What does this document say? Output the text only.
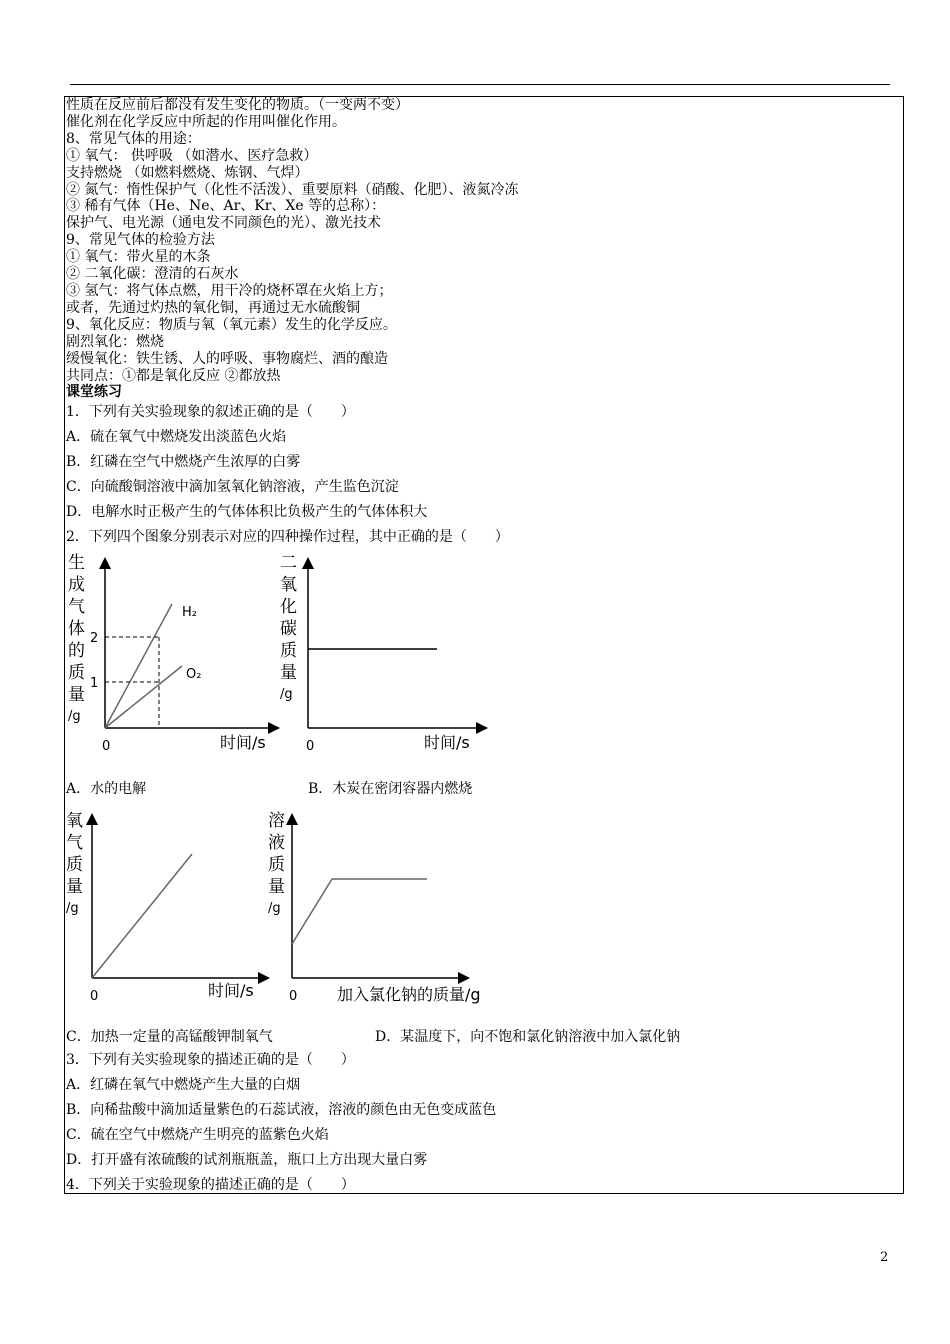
性质在反应前后都没有发生变化的物质。（一变两不变）
催化剂在化学反应中所起的作用叫催化作用。
8、常见气体的用途：
① 氧气： 供呼吸 （如潜水、医疗急救）
支持燃烧 （如燃料燃烧、炼钢、气焊）
② 氮气：惰性保护气（化性不活泼）、重要原料（硝酸、化肥）、液氮冷冻
③ 稀有气体（He、Ne、Ar、Kr、Xe 等的总称）：
保护气、电光源（通电发不同颜色的光）、激光技术
9、常见气体的检验方法
① 氧气：带火星的木条
② 二氧化碳：澄清的石灰水
③ 氢气：将气体点燃，用干冷的烧杯罩在火焰上方；
或者，先通过灼热的氧化铜，再通过无水硫酸铜
9、氧化反应：物质与氧（氧元素）发生的化学反应。
剧烈氧化：燃烧
缓慢氧化：铁生锈、人的呼吸、事物腐烂、酒的酿造
共同点：①都是氧化反应 ②都放热
课堂练习
1．下列有关实验现象的叙述正确的是（　　）
A．硫在氧气中燃烧发出淡蓝色火焰
B．红磷在空气中燃烧产生浓厚的白雾
C．向硫酸铜溶液中滴加氢氧化钠溶液，产生监色沉淀
D．电解水时正极产生的气体体积比负极产生的气体体积大
2．下列四个图象分别表示对应的四种操作过程，其中正确的是（　　）
2
1
H₂
O₂
0	时间/s
生成气体的质量/g
0	时间/s
二氧化碳质量/g
A．水的电解	B．木炭在密闭容器内燃烧
0	时间/s
氧气质量/g
0 加入氯化钠的质量/g
溶液质量/g
C．加热一定量的高锰酸钾制氧气	D．某温度下，向不饱和氯化钠溶液中加入氯化钠
3．下列有关实验现象的描述正确的是（　　）
A．红磷在氧气中燃烧产生大量的白烟
B．向稀盐酸中滴加适量紫色的石蕊试液，溶液的颜色由无色变成蓝色
C．硫在空气中燃烧产生明亮的蓝紫色火焰
D．打开盛有浓硫酸的试剂瓶瓶盖，瓶口上方出现大量白雾
4．下列关于实验现象的描述正确的是（　　）
2
